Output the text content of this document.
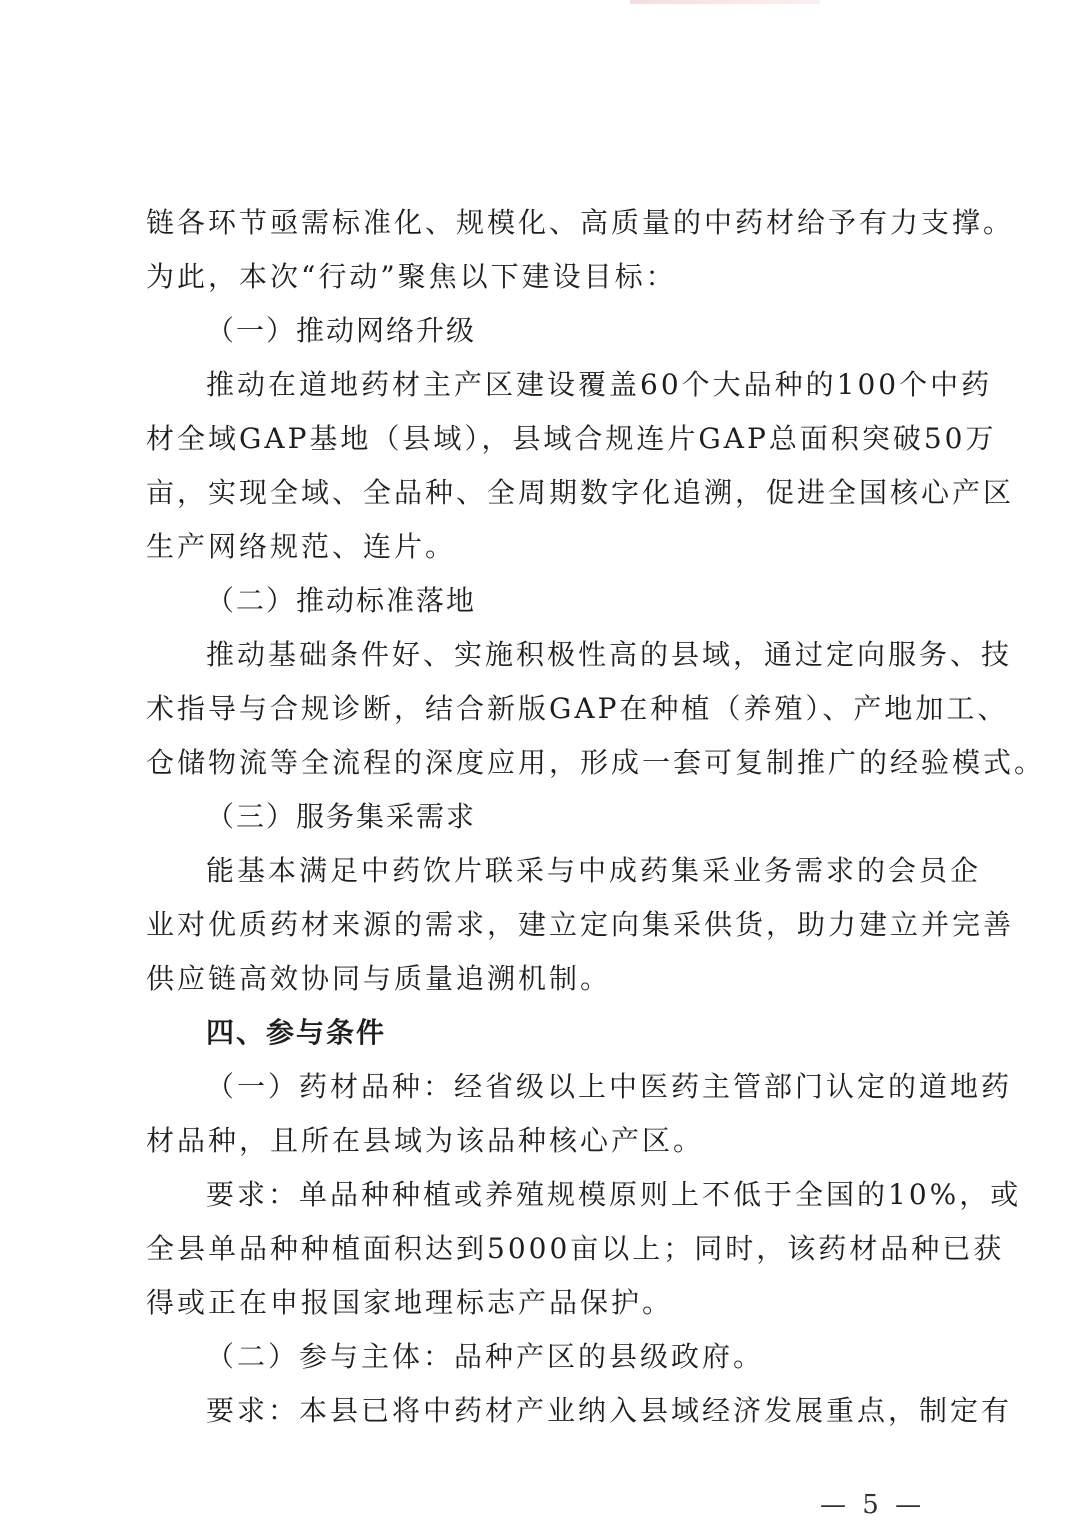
链各环节亟需标准化、规模化、高质量的中药材给予有力支撑。
为此，本次“行动”聚焦以下建设目标：
（一）推动网络升级
推动在道地药材主产区建设覆盖60个大品种的100个中药
材全域GAP基地（县域），县域合规连片GAP总面积突破50万
亩，实现全域、全品种、全周期数字化追溯，促进全国核心产区
生产网络规范、连片。
（二）推动标准落地
推动基础条件好、实施积极性高的县域，通过定向服务、技
术指导与合规诊断，结合新版GAP在种植（养殖）、产地加工、
仓储物流等全流程的深度应用，形成一套可复制推广的经验模式。
（三）服务集采需求
能基本满足中药饮片联采与中成药集采业务需求的会员企
业对优质药材来源的需求，建立定向集采供货，助力建立并完善
供应链高效协同与质量追溯机制。
四、参与条件
（一）药材品种：经省级以上中医药主管部门认定的道地药
材品种，且所在县域为该品种核心产区。
要求：单品种种植或养殖规模原则上不低于全国的10%，或
全县单品种种植面积达到5000亩以上；同时，该药材品种已获
得或正在申报国家地理标志产品保护。
（二）参与主体：品种产区的县级政府。
要求：本县已将中药材产业纳入县域经济发展重点，制定有
— 5 —
